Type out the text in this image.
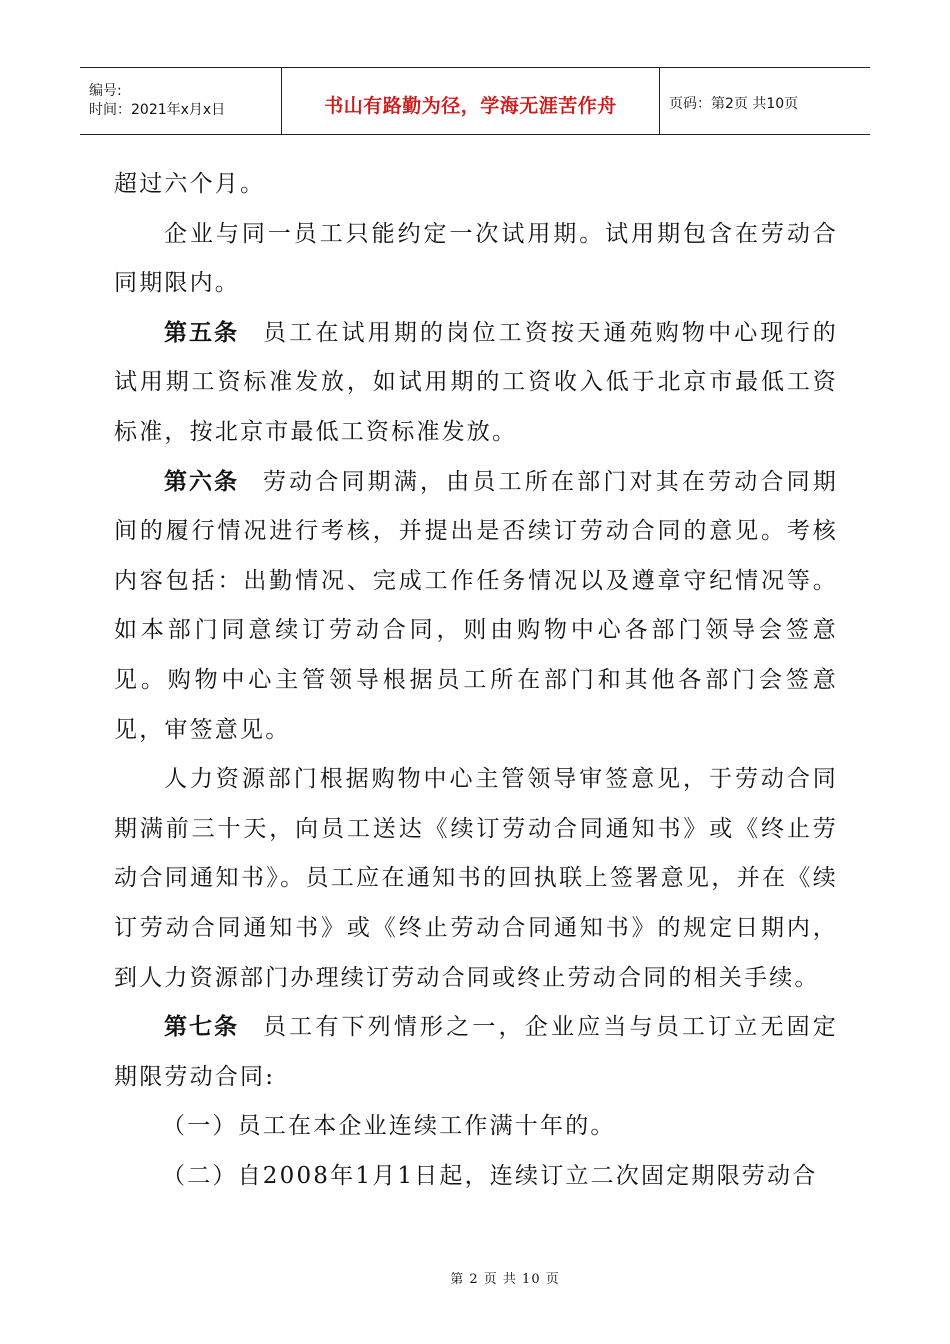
编号:
时间：2021年x月x日	书山有路勤为径，学海无涯苦作舟	页码：第2页 共10页

超过六个月。

企业与同一员工只能约定一次试用期。试用期包含在劳动合同期限内。

第五条 员工在试用期的岗位工资按天通苑购物中心现行的试用期工资标准发放，如试用期的工资收入低于北京市最低工资标准，按北京市最低工资标准发放。

第六条 劳动合同期满，由员工所在部门对其在劳动合同期间的履行情况进行考核，并提出是否续订劳动合同的意见。考核内容包括：出勤情况、完成工作任务情况以及遵章守纪情况等。如本部门同意续订劳动合同，则由购物中心各部门领导会签意见。购物中心主管领导根据员工所在部门和其他各部门会签意见，审签意见。

人力资源部门根据购物中心主管领导审签意见，于劳动合同期满前三十天，向员工送达《续订劳动合同通知书》或《终止劳动合同通知书》。员工应在通知书的回执联上签署意见，并在《续订劳动合同通知书》或《终止劳动合同通知书》的规定日期内，到人力资源部门办理续订劳动合同或终止劳动合同的相关手续。

第七条 员工有下列情形之一，企业应当与员工订立无固定期限劳动合同:

（一）员工在本企业连续工作满十年的。

（二）自2008年1月1日起，连续订立二次固定期限劳动合

第 2 页 共 10 页
